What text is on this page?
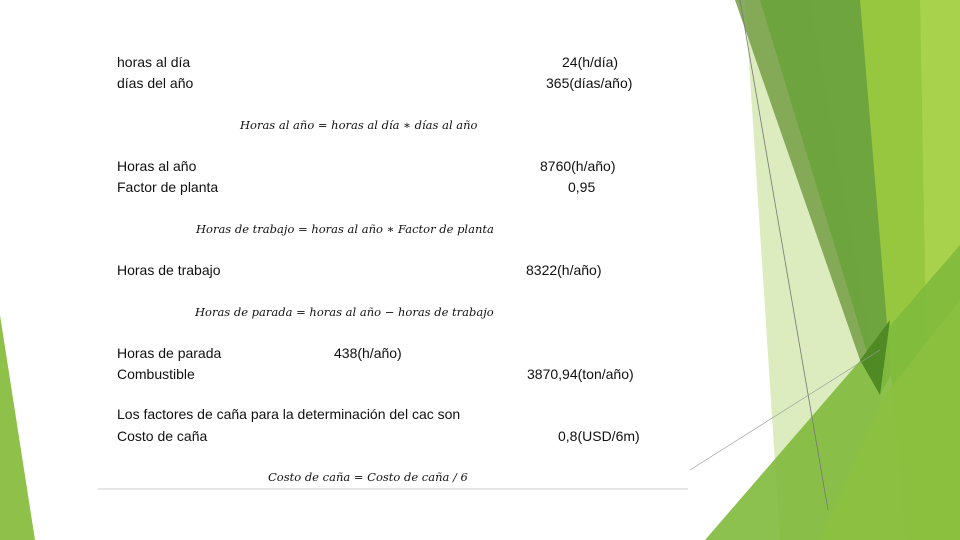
horas al día	24(h/día)
días del año	365(días/año)
Horas al año = horas al día ∗ días al año
Horas al año	8760(h/año)
Factor de planta	0,95
Horas de trabajo = horas al año ∗ Factor de planta
Horas de trabajo	8322(h/año)
Horas de parada = horas al año − horas de trabajo
Horas de parada	438(h/año)
Combustible	3870,94(ton/año)
Los factores de caña para la determinación del cac son
Costo de caña	0,8(USD/6m)
Costo de caña = Costo de caña / 6
